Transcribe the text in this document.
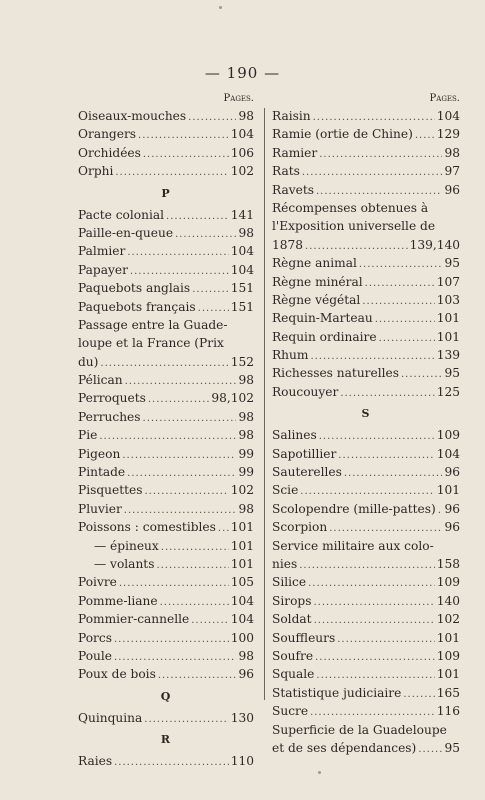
— 190 —
Pages.
Oiseaux-mouches .....	98
Orangers .....	104
Orchidées .....	106
Orphi .....	102
P
Pacte colonial .....	141
Paille-en-queue .....	98
Palmier .....	104
Papayer .....	104
Paquebots anglais .....	151
Paquebots français .....	151
Passage entre la Guade-
loupe et la France (Prix
du) .....	152
Pélican .....	98
Perroquets .....	98,102
Perruches .....	98
Pie .....	98
Pigeon .....	99
Pintade .....	99
Pisquettes .....	102
Pluvier .....	98
Poissons : comestibles ..... 101
— épineux .....	101
— volants .....	101
Poivre .....	105
Pomme-liane .....	104
Pommier-cannelle .....	104
Porcs .....	100
Poule .....	98
Poux de bois .....	96
Q
Quinquina .....	130
R
Raies .....	110
Pages.
Raisin .....	104
Ramie (ortie de Chine) ..... 129
Ramier .....	98
Rats .....	97
Ravets .....	96
Récompenses obtenues à
l'Exposition universelle de
1878 .....	139,140
Règne animal .....	95
Règne minéral .....	107
Règne végétal .....	103
Requin-Marteau .....	101
Requin ordinaire .....	101
Rhum .....	139
Richesses naturelles .....	95
Roucouyer .....	125
S
Salines .....	109
Sapotillier .....	104
Sauterelles .....	96
Scie .....	101
Scolopendre (mille-pattes) ..... 96
Scorpion .....	96
Service militaire aux colo-
nies .....	158
Silice .....	109
Sirops .....	140
Soldat .....	102
Souffleurs .....	101
Soufre .....	109
Squale .....	101
Statistique judiciaire .....	165
Sucre .....	116
Superficie de la Guadeloupe
et de ses dépendances) ..... 95
